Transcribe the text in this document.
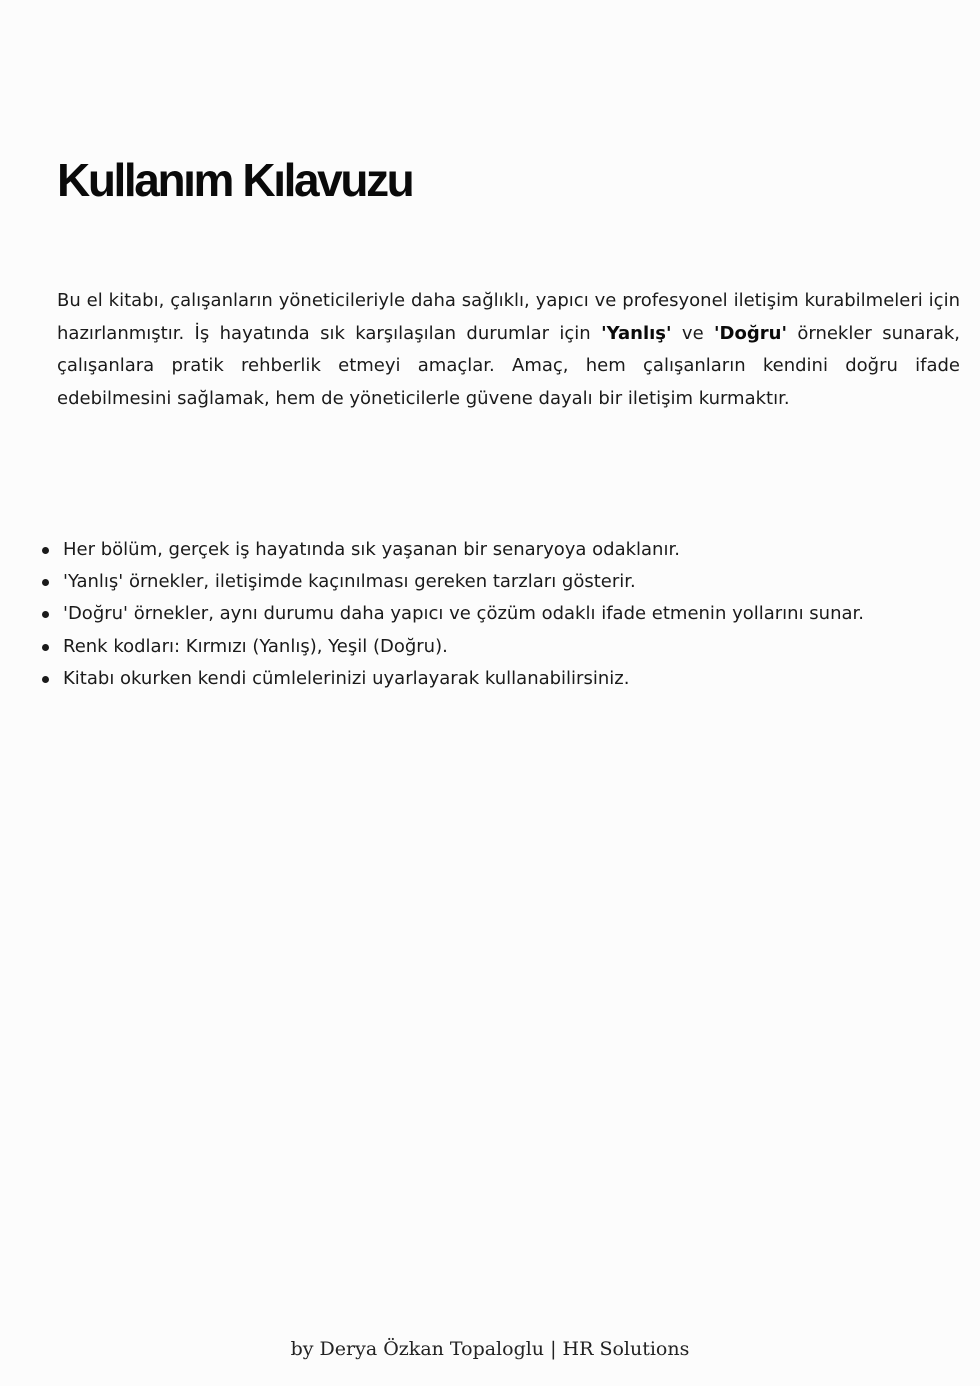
Kullanım Kılavuzu

Bu el kitabı, çalışanların yöneticileriyle daha sağlıklı, yapıcı ve profesyonel iletişim kurabilmeleri için hazırlanmıştır. İş hayatında sık karşılaşılan durumlar için 'Yanlış' ve 'Doğru' örnekler sunarak, çalışanlara pratik rehberlik etmeyi amaçlar. Amaç, hem çalışanların kendini doğru ifade edebilmesini sağlamak, hem de yöneticilerle güvene dayalı bir iletişim kurmaktır.

Her bölüm, gerçek iş hayatında sık yaşanan bir senaryoya odaklanır.
'Yanlış' örnekler, iletişimde kaçınılması gereken tarzları gösterir.
'Doğru' örnekler, aynı durumu daha yapıcı ve çözüm odaklı ifade etmenin yollarını sunar.
Renk kodları: Kırmızı (Yanlış), Yeşil (Doğru).
Kitabı okurken kendi cümlelerinizi uyarlayarak kullanabilirsiniz.
by Derya Özkan Topaloglu | HR Solutions
